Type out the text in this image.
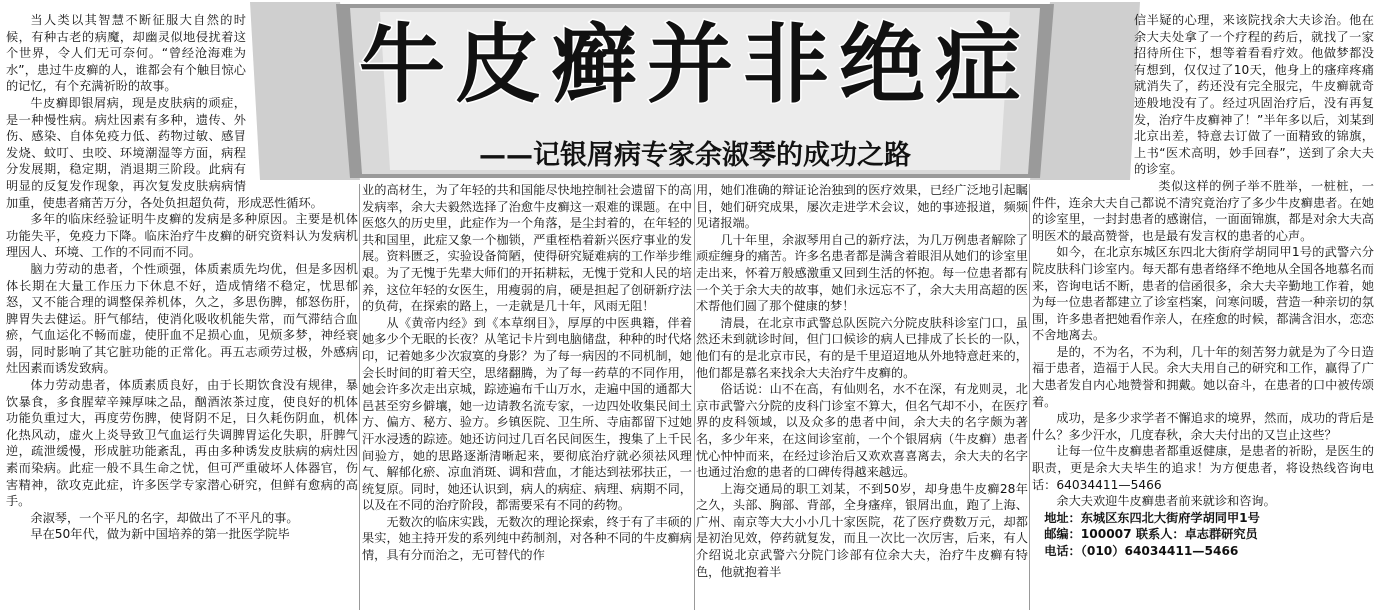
牛皮癣并非绝症
——记银屑病专家余淑琴的成功之路

当人类以其智慧不断征服大自然的时候，有种古老的病魔，却幽灵似地侵扰着这个世界，令人们无可奈何。“曾经沧海难为水”，患过牛皮癣的人，谁都会有个触目惊心的记忆，有个充满祈盼的故事。

牛皮癣即银屑病，现是皮肤病的顽症，是一种慢性病。病灶因素有多种，遗传、外伤、感染、自体免疫力低、药物过敏、感冒发烧、蚊叮、虫咬、环境潮湿等方面，病程分发展期，稳定期，消退期三阶段。此病有明显的反复发作现象，再次复发皮肤病病情加重，使患者痛苦万分，各处负担超负荷，形成恶性循环。

多年的临床经验证明牛皮癣的发病是多种原因。主要是机体功能失平，免疫力下降。临床治疗牛皮癣的研究资料认为发病机理因人、环境、工作的不同而不同。

脑力劳动的患者，个性顽强，体质素质先均优，但是多因机体长期在大量工作压力下休息不好，造成情绪不稳定，忧思郁怒，又不能合理的调整保养机体，久之，多思伤脾，郁怒伤肝，脾胃失去健运。肝气郁结，使消化吸收机能失常，而气滞结合血瘀，气血运化不畅而虚，使肝血不足损心血，见烦多梦，神经衰弱，同时影响了其它脏功能的正常化。再五志顽劳过极，外感病灶因素而诱发致病。

体力劳动患者，体质素质良好，由于长期饮食没有规律，暴饮暴食，多食腥荤辛辣厚味之品，酗酒浓茶过度，使良好的机体功能负重过大，再度劳伤脾，使肾阴不足，日久耗伤阴血，机体化热风动，虚火上炎导致卫气血运行失调脾胃运化失职，肝脾气逆，疏泄缓慢，形成脏功能紊乱，再由多种诱发皮肤病的病灶因素而染病。此症一般不具生命之忧，但可严重破坏人体器官，伤害精神，欲攻克此症，许多医学专家潜心研究，但鲜有愈病的高手。

余淑琴，一个平凡的名字，却做出了不平凡的事。

早在50年代，做为新中国培养的第一批医学院毕

业的高材生，为了年轻的共和国能尽快地控制社会遗留下的高发病率，余大夫毅然选择了治愈牛皮癣这一艰难的课题。在中医悠久的历史里，此症作为一个角落，是尘封着的，在年轻的共和国里，此症又象一个枷锁，严重桎梏着新兴医疗事业的发展。资料匮乏，实验设备简陋，使得研究疑难病的工作举步维艰。为了无愧于先辈大师们的开拓耕耘，无愧于党和人民的培养，这位年轻的女医生，用瘦弱的肩，硬是担起了创研新疗法的负荷，在探索的路上，一走就是几十年，风雨无阻！

从《黄帝内经》到《本草纲目》，厚厚的中医典籍，伴着她多少个无眠的长夜？从笔记卡片到电脑储盘，种种的时代烙印，记着她多少次寂寞的身影？为了每一病因的不同机制，她会长时间的盯着天空，思绪翻腾，为了每一药草的不同作用，她会许多次走出京城，踪迹遍布千山万水，走遍中国的通都大邑甚至穷乡僻壤，她一边请教名流专家，一边四处收集民间土方、偏方、秘方、验方。乡镇医院、卫生所、寺庙都留下过她汗水浸透的踪迹。她还访问过几百名民间医生，搜集了上千民间验方，她的思路逐渐清晰起来，要彻底治疗就必须祛风理气、解郁化瘀、凉血消斑、调和营血，才能达到祛邪扶正，一统复原。同时，她还认识到，病人的病症、病理、病期不同，以及在不同的治疗阶段，都需要采有不同的药物。

无数次的临床实践，无数次的理论探索，终于有了丰硕的果实，她主持开发的系列纯中药制剂，对各种不同的牛皮癣病情，具有分而治之，无可替代的作

用，她们准确的辩证论治独到的医疗效果，已经广泛地引起瞩目，她们研究成果，屡次走进学术会议，她的事迹报道，频频见诸报端。

几十年里，余淑琴用自己的新疗法，为几万例患者解除了顽症缠身的痛苦。许多名患者都是满含着眼泪从她们的诊室里走出来，怀着万般感激重又回到生活的怀抱。每一位患者都有一个关于余大夫的故事，她们永远忘不了，余大夫用高超的医术帮他们圆了那个健康的梦！

清晨，在北京市武警总队医院六分院皮肤科诊室门口，虽然还未到就诊时间，但门口候诊的病人已排成了长长的一队，他们有的是北京市民，有的是千里迢迢地从外地特意赶来的，他们都是慕名来找余大夫治疗牛皮癣的。

俗话说：山不在高，有仙则名，水不在深，有龙则灵，北京市武警六分院的皮科门诊室不算大，但名气却不小，在医疗界的皮科领域，以及众多的患者中间，余大夫的名字颇为著名，多少年来，在这间诊室前，一个个银屑病（牛皮癣）患者忧心忡忡而来，在经过诊治后又欢欢喜喜离去，余大夫的名字也通过治愈的患者的口碑传得越来越远。

上海交通局的职工刘某，不到50岁，却身患牛皮癣28年之久，头部、胸部、背部，全身瘙痒，银屑出血，跑了上海、广州、南京等大大小小几十家医院，花了医疗费数万元，却都是初治见效，停药就复发，而且一次比一次厉害，后来，有人介绍说北京武警六分院门诊部有位余大夫，治疗牛皮癣有特色，他就抱着半

信半疑的心理，来该院找余大夫诊治。他在余大夫处拿了一个疗程的药后，就找了一家招待所住下，想等着看看疗效。他做梦都没有想到，仅仅过了10天，他身上的瘙痒疼痛就消失了，药还没有完全服完，牛皮癣就奇迹般地没有了。经过巩固治疗后，没有再复发，治疗牛皮癣神了！”半年多以后，刘某到北京出差，特意去订做了一面精致的锦旗，上书“医术高明，妙手回春”，送到了余大夫的诊室。

类似这样的例子举不胜举，一桩桩，一件件，连余大夫自己都说不清究竟治疗了多少牛皮癣患者。在她的诊室里，一封封患者的感谢信，一面面锦旗，都是对余大夫高明医术的最高赞誉，也是最有发言权的患者的心声。

如今，在北京东城区东四北大街府学胡同甲1号的武警六分院皮肤科门诊室内。每天都有患者络绎不绝地从全国各地慕名而来，咨询电话不断，患者的信函很多，余大夫辛勤地工作着，她为每一位患者都建立了诊室档案，问寒问暖，营造一种亲切的氛围，许多患者把她看作亲人，在痊愈的时候，都满含泪水，恋恋不舍地离去。

是的，不为名，不为利，几十年的刻苦努力就是为了今日造福于患者，造福于人民。余大夫用自己的研究和工作，赢得了广大患者发自内心地赞誉和拥戴。她以奋斗，在患者的口中被传颂着。

成功，是多少求学者不懈追求的境界，然而，成功的背后是什么？多少汗水，几度春秋，余大夫付出的又岂止这些？

让每一位牛皮癣患者都重返健康，是患者的祈盼，是医生的职责，更是余大夫毕生的追求！为方便患者，将设热线咨询电话：64034411—5466

余大夫欢迎牛皮癣患者前来就诊和咨询。

地址：东城区东四北大街府学胡同甲1号

邮编：100007 联系人：卓志群研究员

电话：（010）64034411—5466
